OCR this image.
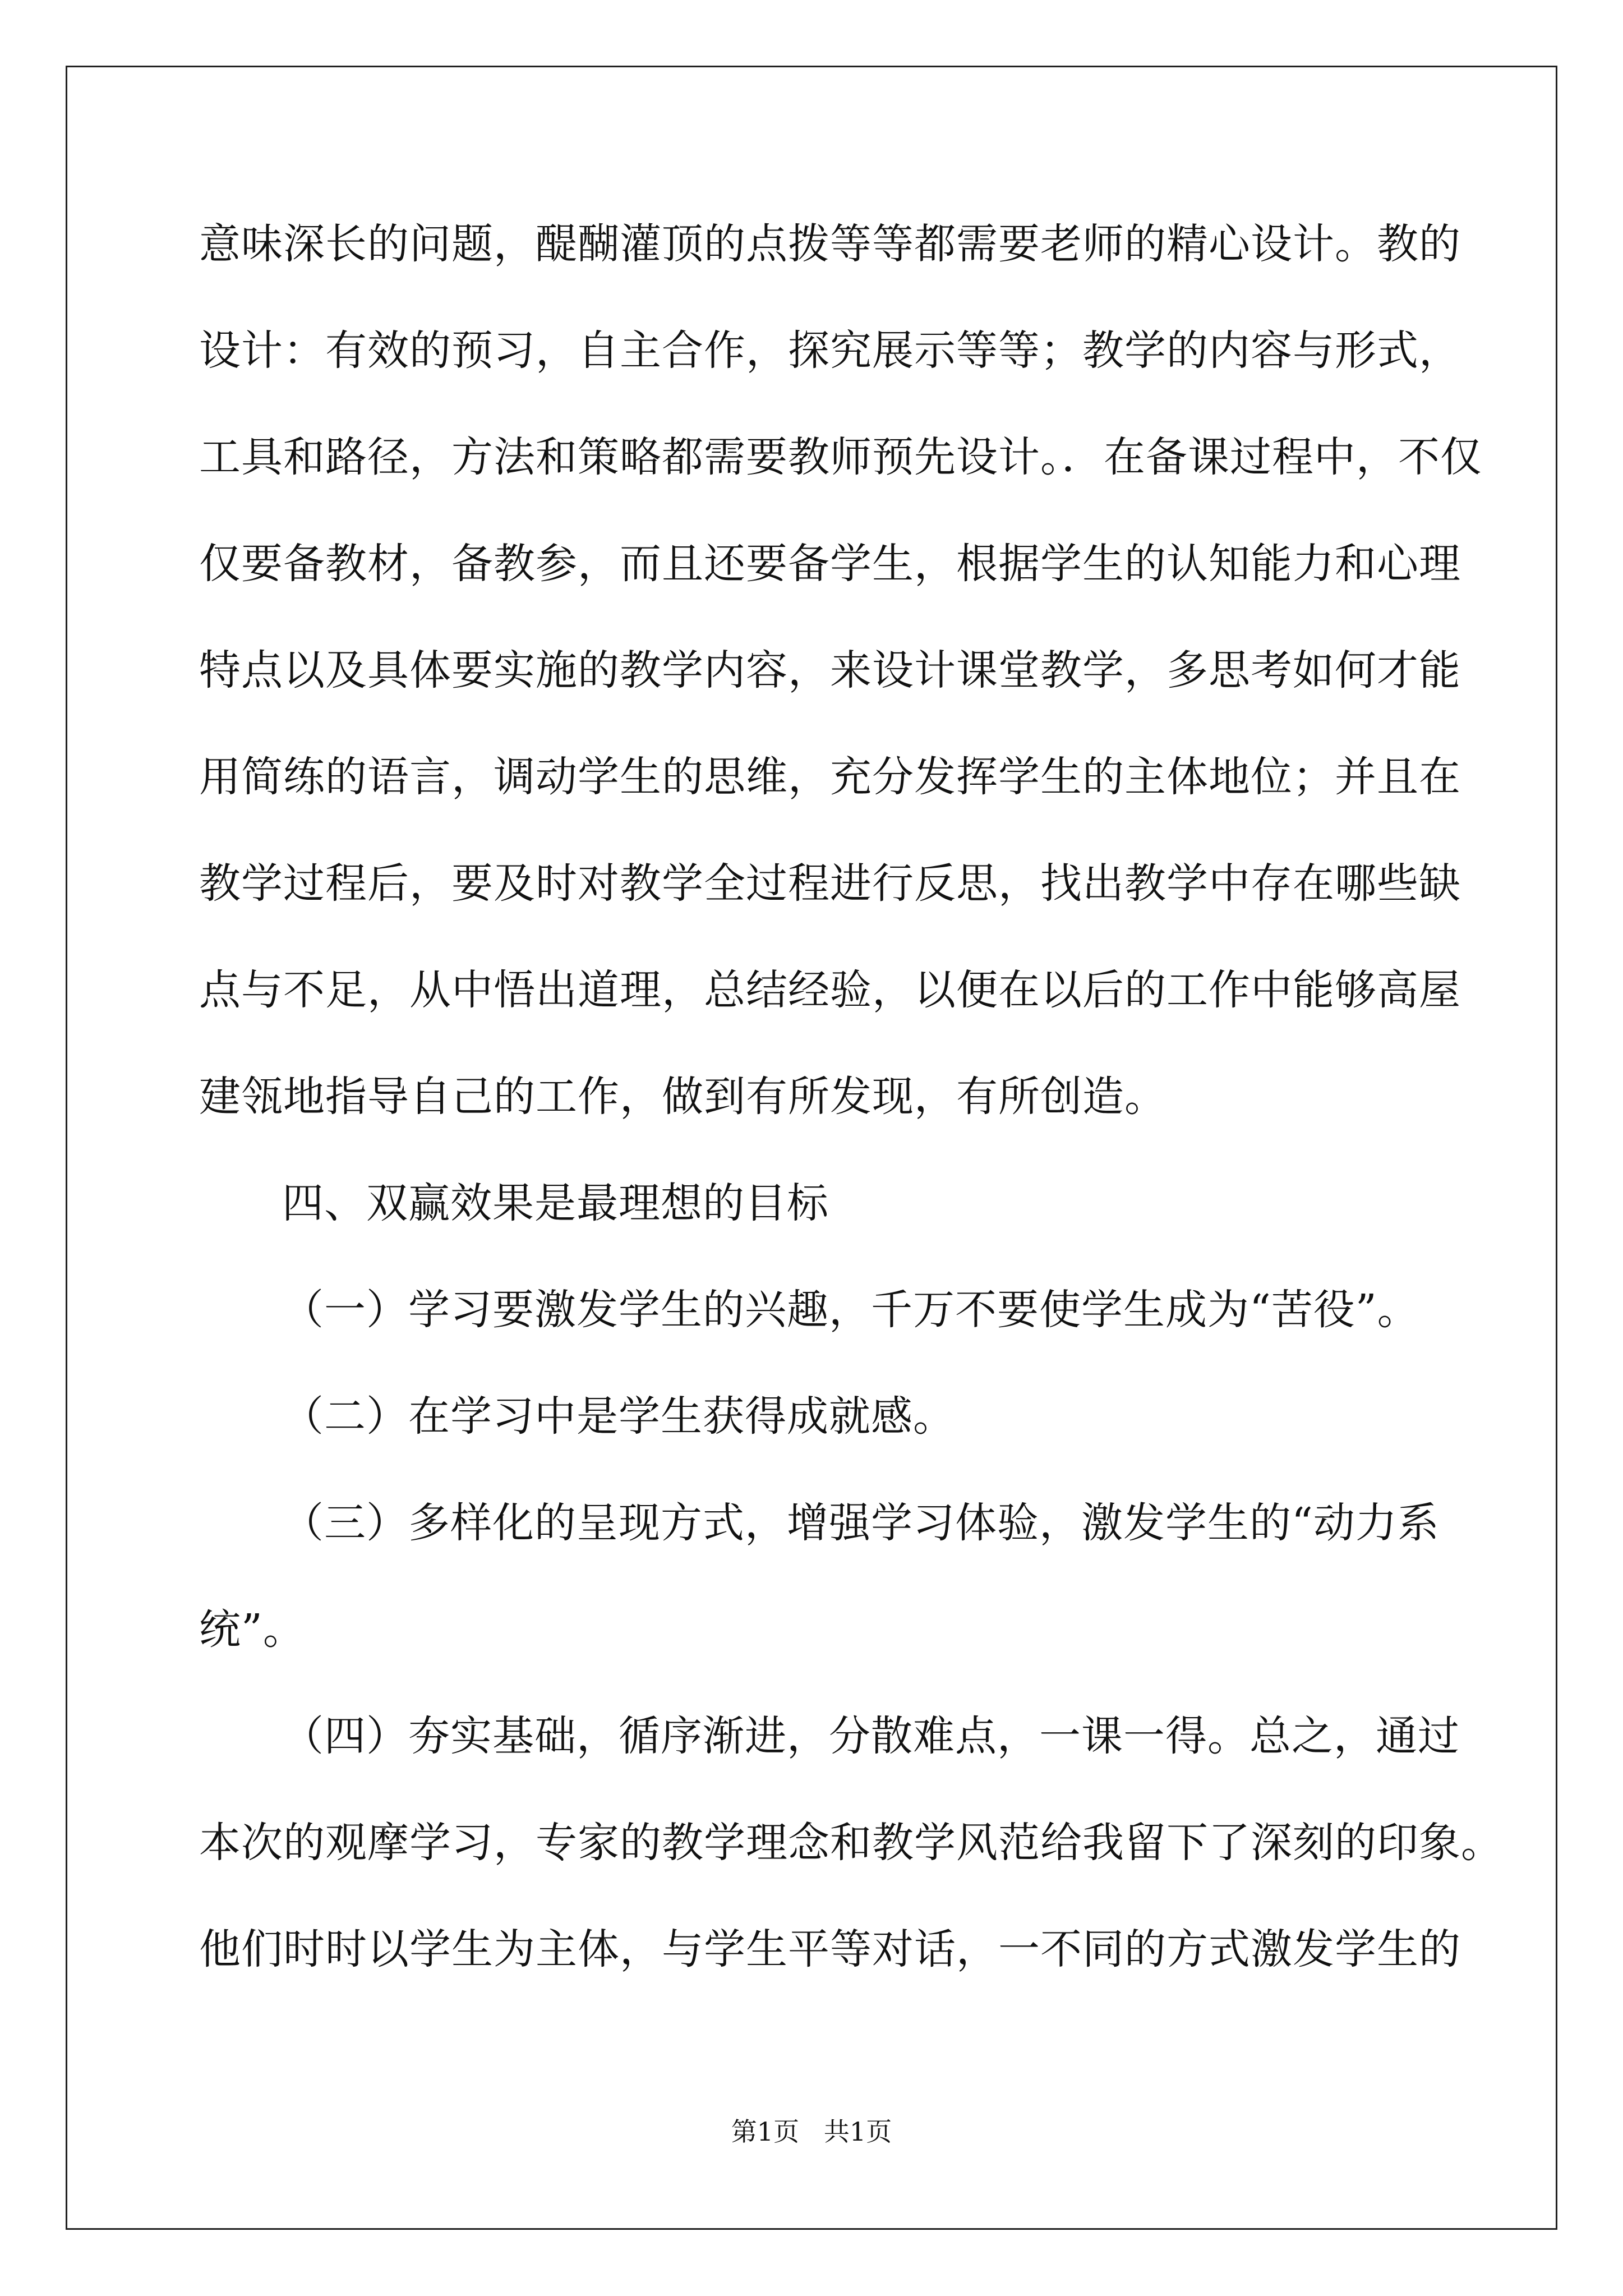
意味深长的问题，醍醐灌顶的点拨等等都需要老师的精心设计。教的
设计：有效的预习，自主合作，探究展示等等；教学的内容与形式，
工具和路径，方法和策略都需要教师预先设计。．在备课过程中，不仅
仅要备教材，备教参，而且还要备学生，根据学生的认知能力和心理
特点以及具体要实施的教学内容，来设计课堂教学，多思考如何才能
用简练的语言，调动学生的思维，充分发挥学生的主体地位；并且在
教学过程后，要及时对教学全过程进行反思，找出教学中存在哪些缺
点与不足，从中悟出道理，总结经验，以便在以后的工作中能够高屋
建瓴地指导自己的工作，做到有所发现，有所创造。
四、双赢效果是最理想的目标
（一）学习要激发学生的兴趣，千万不要使学生成为“苦役”。
（二）在学习中是学生获得成就感。
（三）多样化的呈现方式，增强学习体验，激发学生的“动力系
统”。
（四）夯实基础，循序渐进，分散难点，一课一得。总之，通过
本次的观摩学习，专家的教学理念和教学风范给我留下了深刻的印象。
他们时时以学生为主体，与学生平等对话，一不同的方式激发学生的
第1页   共1页
